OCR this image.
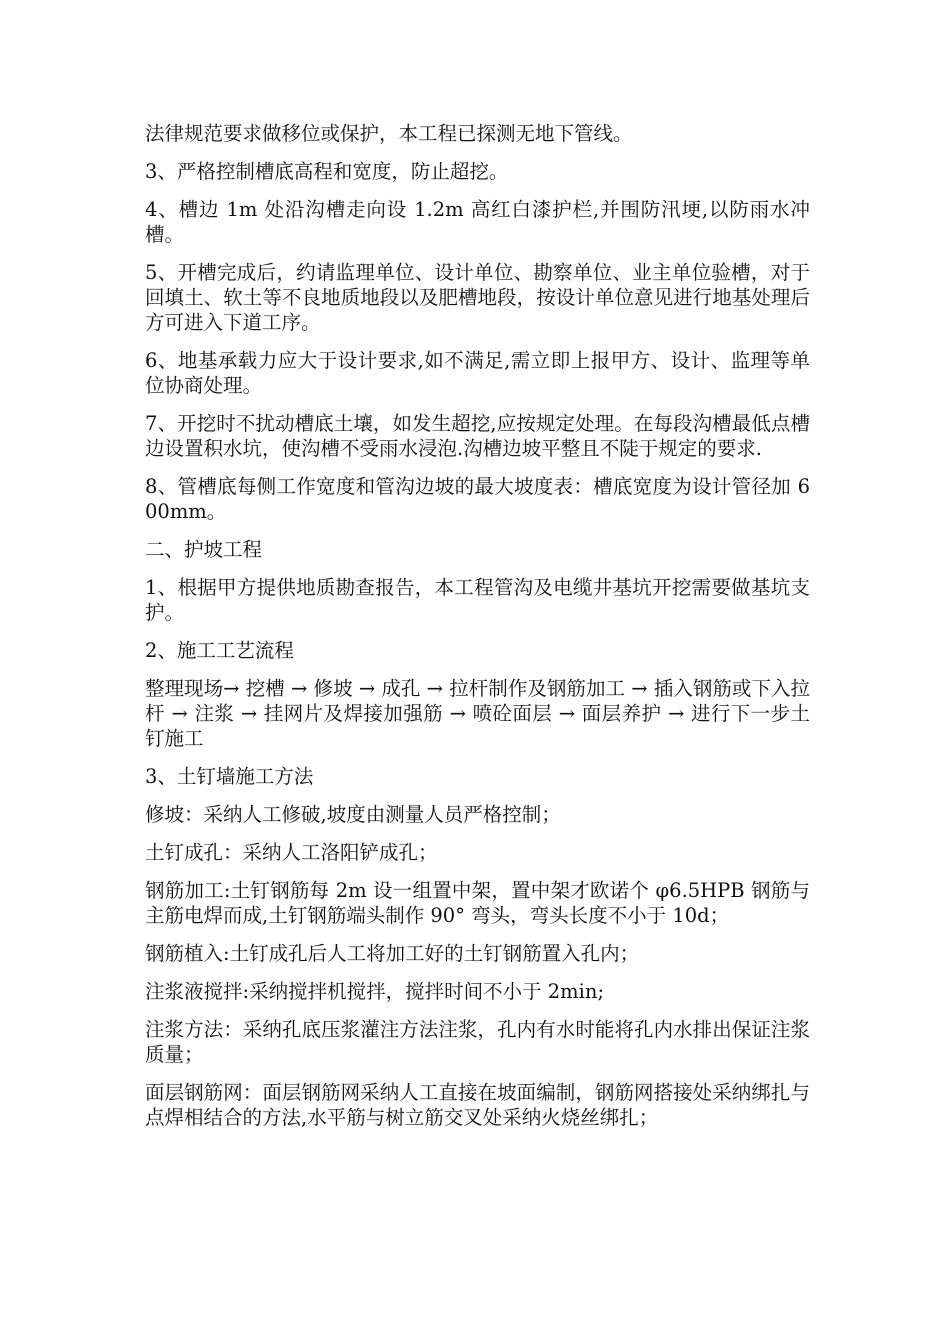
法律规范要求做移位或保护，本工程已探测无地下管线。

3、严格控制槽底高程和宽度，防止超挖。

4、槽边 1m 处沿沟槽走向设 1.2m 高红白漆护栏,并围防汛埂,以防雨水冲槽。

5、开槽完成后，约请监理单位、设计单位、勘察单位、业主单位验槽，对于回填土、软土等不良地质地段以及肥槽地段，按设计单位意见进行地基处理后方可进入下道工序。

6、地基承载力应大于设计要求,如不满足,需立即上报甲方、设计、监理等单位协商处理。

7、开挖时不扰动槽底土壤，如发生超挖,应按规定处理。在每段沟槽最低点槽边设置积水坑，使沟槽不受雨水浸泡.沟槽边坡平整且不陡于规定的要求.

8、管槽底每侧工作宽度和管沟边坡的最大坡度表：槽底宽度为设计管径加 600mm。

二、护坡工程

1、根据甲方提供地质勘查报告，本工程管沟及电缆井基坑开挖需要做基坑支护。

2、施工工艺流程

整理现场→ 挖槽 → 修坡 → 成孔 → 拉杆制作及钢筋加工 → 插入钢筋或下入拉杆 → 注浆 → 挂网片及焊接加强筋 → 喷砼面层 → 面层养护 → 进行下一步土钉施工

3、土钉墙施工方法

修坡：采纳人工修破,坡度由测量人员严格控制；

土钉成孔：采纳人工洛阳铲成孔；

钢筋加工:土钉钢筋每 2m 设一组置中架，置中架才欧诺个 φ6.5HPB 钢筋与主筋电焊而成,土钉钢筋端头制作 90° 弯头，弯头长度不小于 10d；

钢筋植入:土钉成孔后人工将加工好的土钉钢筋置入孔内；

注浆液搅拌:采纳搅拌机搅拌，搅拌时间不小于 2min;

注浆方法：采纳孔底压浆灌注方法注浆，孔内有水时能将孔内水排出保证注浆质量；

面层钢筋网：面层钢筋网采纳人工直接在坡面编制，钢筋网搭接处采纳绑扎与点焊相结合的方法,水平筋与树立筋交叉处采纳火烧丝绑扎；
